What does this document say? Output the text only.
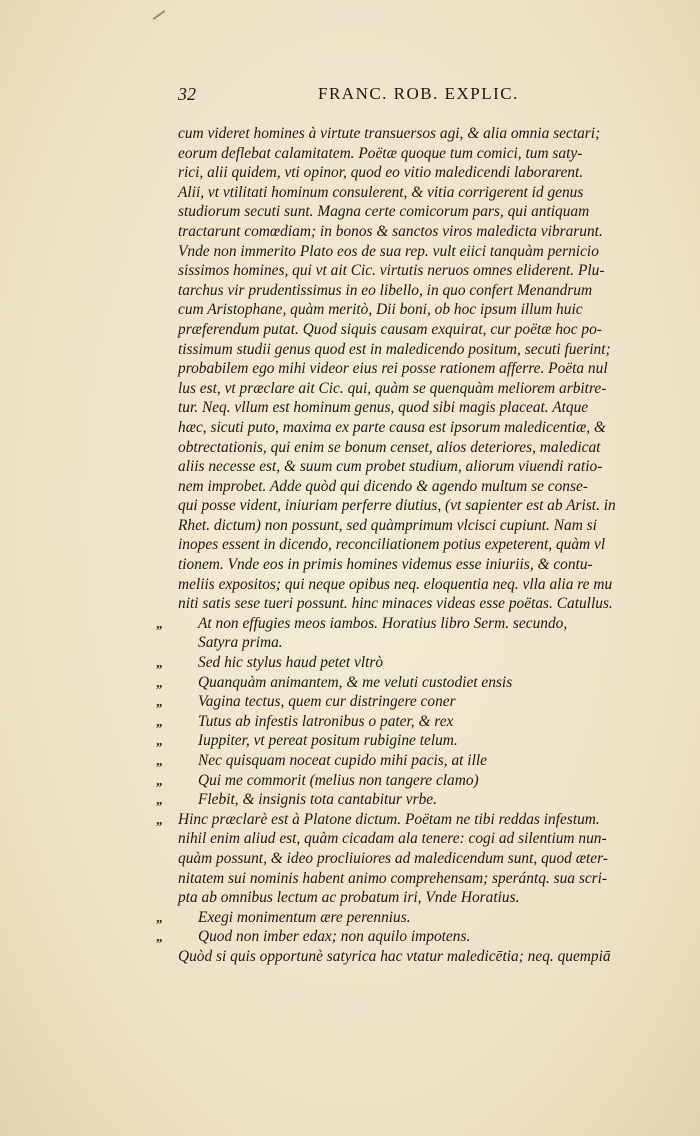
32	FRANC. ROB. EXPLIC.
cum videret homines à virtute transuersos agi, & alia omnia sectari;
eorum deflebat calamitatem. Poëtæ quoque tum comici, tum saty-
rici, alii quidem, vti opinor, quod eo vitio maledicendi laborarent.
Alii, vt vtilitati hominum consulerent, & vitia corrigerent id genus
studiorum secuti sunt. Magna certe comicorum pars, qui antiquam
tractarunt comœdiam; in bonos & sanctos viros maledicta vibrarunt.
Vnde non immerito Plato eos de sua rep. vult eiici tanquàm pernicio
sissimos homines, qui vt ait Cic. virtutis neruos omnes eliderent. Plu-
tarchus vir prudentissimus in eo libello, in quo confert Menandrum
cum Aristophane, quàm meritò, Dii boni, ob hoc ipsum illum huic
præferendum putat. Quod siquis causam exquirat, cur poëtæ hoc po-
tissimum studii genus quod est in maledicendo positum, secuti fuerint;
probabilem ego mihi videor eius rei posse rationem afferre. Poëta nul
lus est, vt præclare ait Cic. qui, quàm se quenquàm meliorem arbitre-
tur. Neq. vllum est hominum genus, quod sibi magis placeat. Atque
hæc, sicuti puto, maxima ex parte causa est ipsorum maledicentiæ, &
obtrectationis, qui enim se bonum censet, alios deteriores, maledicat
aliis necesse est, & suum cum probet studium, aliorum viuendi ratio-
nem improbet. Adde quòd qui dicendo & agendo multum se conse-
qui posse vident, iniuriam perferre diutius, (vt sapienter est ab Arist. in
Rhet. dictum) non possunt, sed quàmprimum vlcisci cupiunt. Nam si
inopes essent in dicendo, reconciliationem potius expeterent, quàm vl
tionem. Vnde eos in primis homines videmus esse iniuriis, & contu-
meliis expositos; qui neque opibus neq. eloquentia neq. vlla alia re mu
niti satis sese tueri possunt. hinc minaces videas esse poëtas. Catullus.
„ At non effugies meos iambos. Horatius libro Serm. secundo,
Satyra prima.
„ Sed hic stylus haud petet vltrò
„ Quanquàm animantem, & me veluti custodiet ensis
„ Vagina tectus, quem cur distringere coner
„ Tutus ab infestis latronibus o pater, & rex
„ Iuppiter, vt pereat positum rubigine telum.
„ Nec quisquam noceat cupido mihi pacis, at ille
„ Qui me commorit (melius non tangere clamo)
„ Flebit, & insignis tota cantabitur vrbe.
„ Hinc præclarè est à Platone dictum. Poëtam ne tibi reddas infestum.
nihil enim aliud est, quàm cicadam ala tenere: cogi ad silentium nun-
quàm possunt, & ideo procliuiores ad maledicendum sunt, quod æter-
nitatem sui nominis habent animo comprehensam; sperántq. sua scri-
pta ab omnibus lectum ac probatum iri, Vnde Horatius.
„ Exegi monimentum ære perennius.
„ Quod non imber edax; non aquilo impotens.
Quòd si quis opportunè satyrica hac vtatur maledicētia; neq. quempiā
